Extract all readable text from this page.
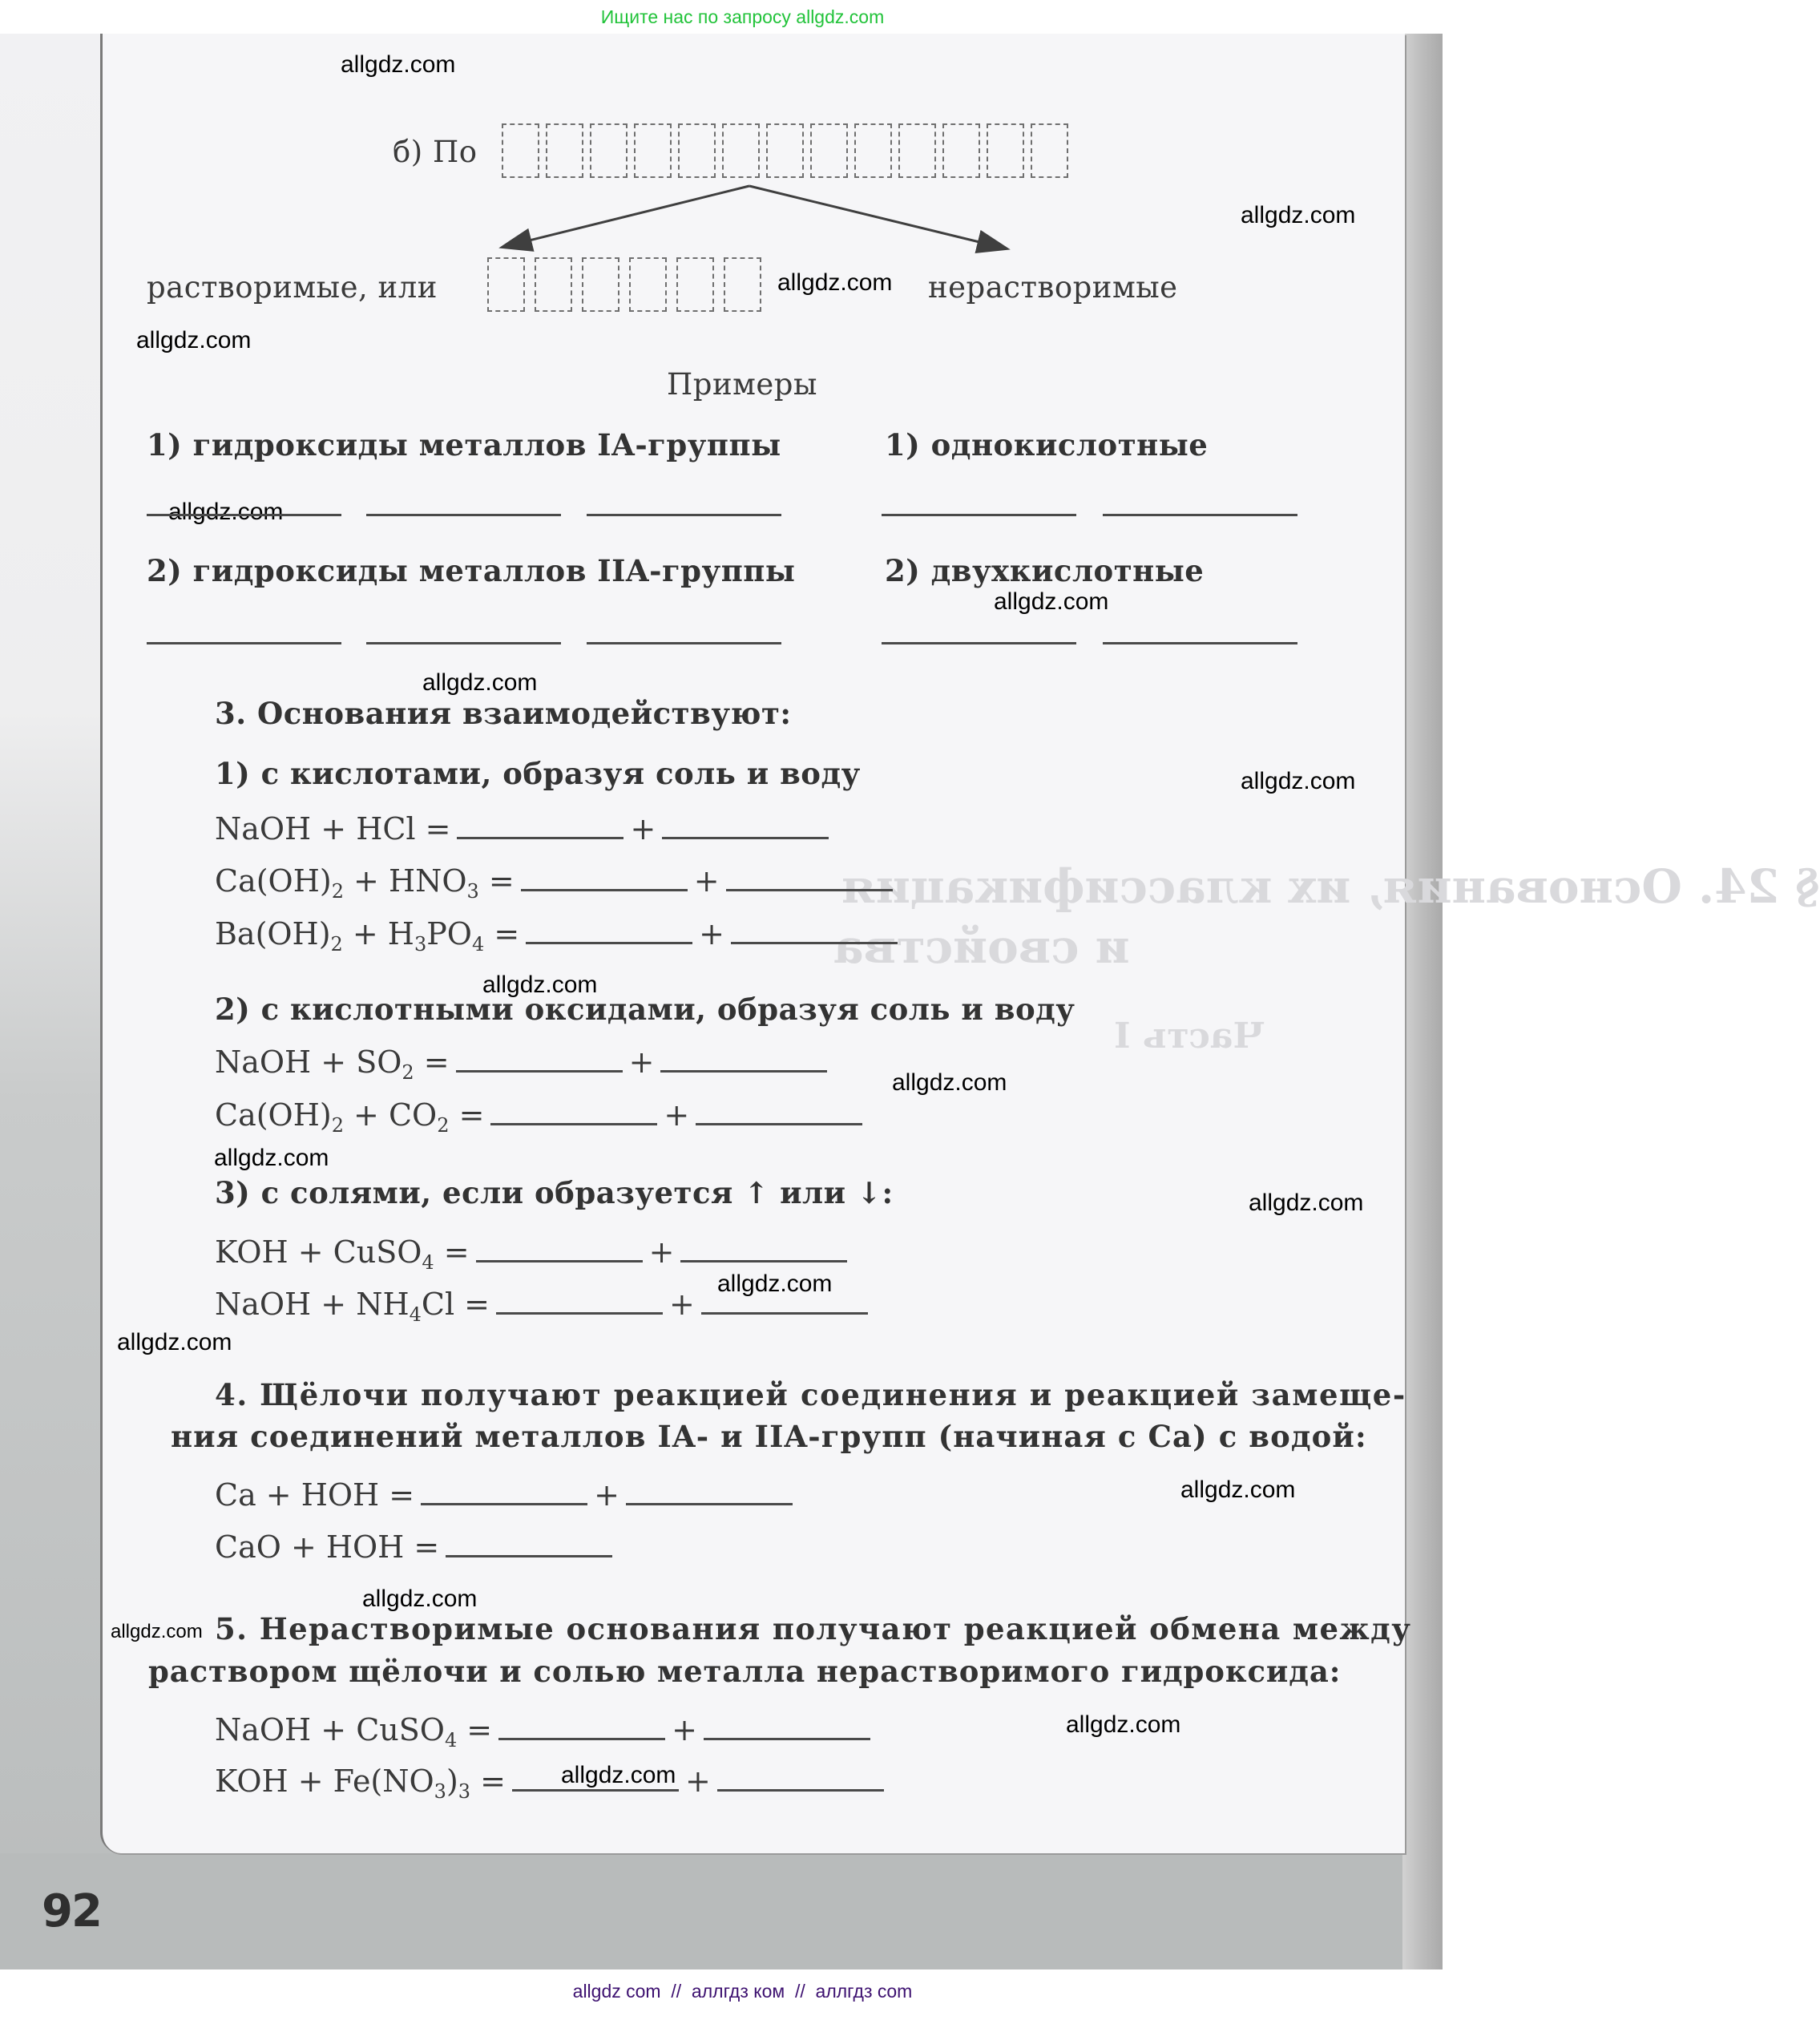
Ищите нас по запросу allgdz.com
§ 24. Основания, их классификация
и свойства
Часть I
92
allgdz.com
allgdz.com
allgdz.com
allgdz.com
allgdz.com
allgdz.com
allgdz.com
allgdz.com
allgdz.com
allgdz.com
allgdz.com
allgdz.com
allgdz.com
allgdz.com
allgdz.com
allgdz.com
allgdz.com
allgdz.com
allgdz.com
б) По
растворимые, или	нерастворимые
Примеры
1) гидроксиды металлов IA-группы	1) однокислотные
2) гидроксиды металлов IIA-группы	2) двухкислотные
3. Основания взаимодействуют:
1) с кислотами, образуя соль и воду
NaOH + HCl =	+
$Ca(OH)_2 + HNO_3$ =	+
$Ba(OH)_2 + H_3PO_4$ =	+
2) с кислотными оксидами, образуя соль и воду
NaOH + $SO_2$ =	+
$Ca(OH)_2 + CO_2$ =	+
3) с солями, если образуется ↑ или ↓:
KOH + CuSO$_4$ =	+
NaOH + $NH_4Cl$ =	+
4. Щёлочи получают реакцией соединения и реакцией замеще-
ния соединений металлов IA- и IIA-групп (начиная с Ca) с водой:
Ca + HOH =	+
CaO + HOH =
5. Нерастворимые основания получают реакцией обмена между
раствором щёлочи и солью металла нерастворимого гидроксида:
NaOH + CuSO$_4$ =	+
KOH + $Fe(NO_3)_3$ =	+
allgdz com  //  аллгдз ком  //  аллгдз com
